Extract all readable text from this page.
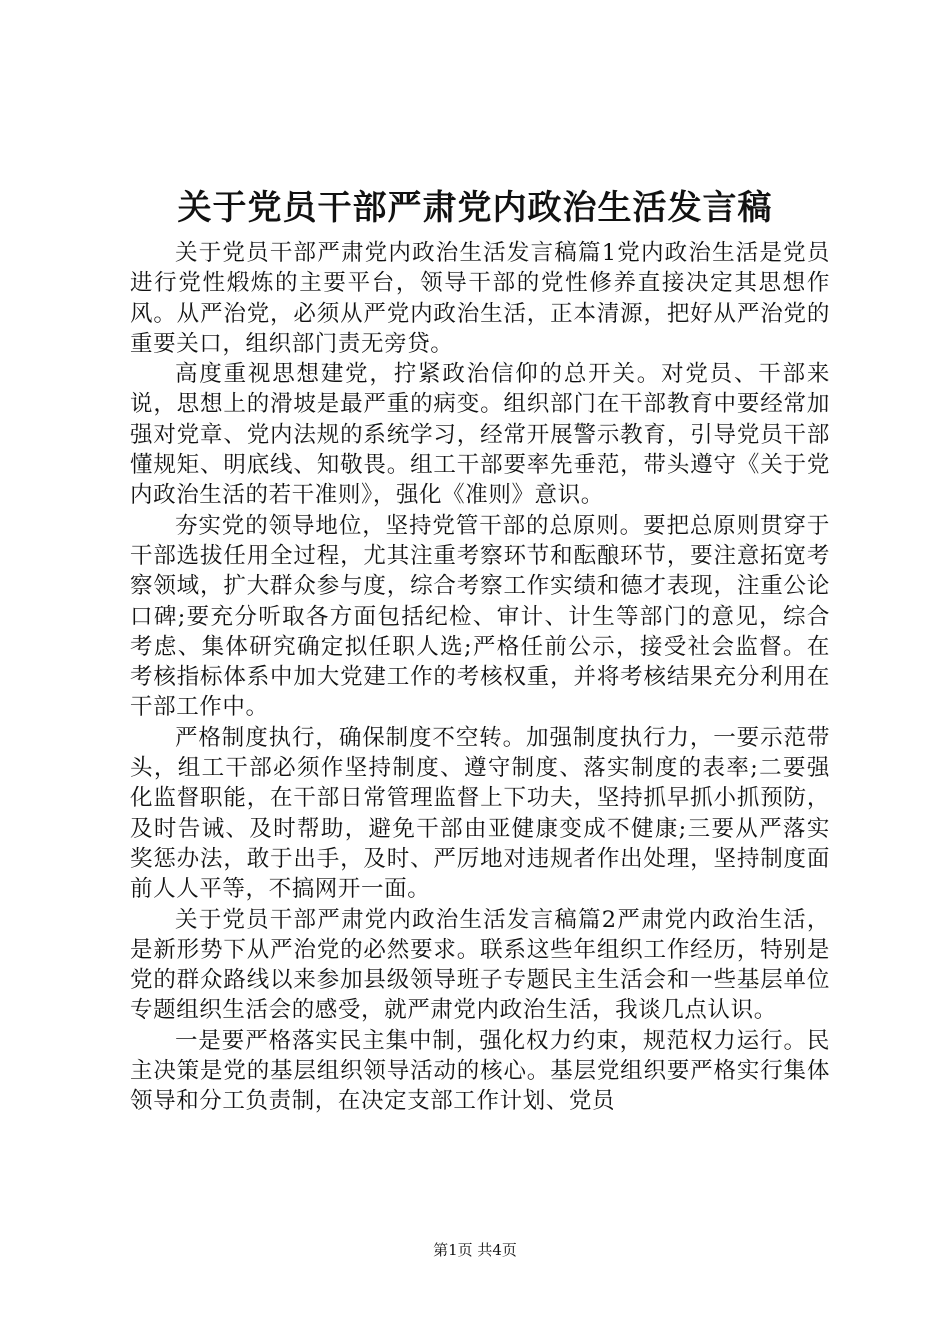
关于党员干部严肃党内政治生活发言稿

关于党员干部严肃党内政治生活发言稿篇1党内政治生活是党员进行党性煅炼的主要平台，领导干部的党性修养直接决定其思想作风。从严治党，必须从严党内政治生活，正本清源，把好从严治党的重要关口，组织部门责无旁贷。

高度重视思想建党，拧紧政治信仰的总开关。对党员、干部来说，思想上的滑坡是最严重的病变。组织部门在干部教育中要经常加强对党章、党内法规的系统学习，经常开展警示教育，引导党员干部懂规矩、明底线、知敬畏。组工干部要率先垂范，带头遵守《关于党内政治生活的若干准则》，强化《准则》意识。

夯实党的领导地位，坚持党管干部的总原则。要把总原则贯穿于干部选拔任用全过程，尤其注重考察环节和酝酿环节，要注意拓宽考察领域，扩大群众参与度，综合考察工作实绩和德才表现，注重公论口碑;要充分听取各方面包括纪检、审计、计生等部门的意见，综合考虑、集体研究确定拟任职人选;严格任前公示，接受社会监督。在考核指标体系中加大党建工作的考核权重，并将考核结果充分利用在干部工作中。

严格制度执行，确保制度不空转。加强制度执行力，一要示范带头，组工干部必须作坚持制度、遵守制度、落实制度的表率;二要强化监督职能，在干部日常管理监督上下功夫，坚持抓早抓小抓预防，及时告诫、及时帮助，避免干部由亚健康变成不健康;三要从严落实奖惩办法，敢于出手，及时、严厉地对违规者作出处理，坚持制度面前人人平等，不搞网开一面。

关于党员干部严肃党内政治生活发言稿篇2严肃党内政治生活，是新形势下从严治党的必然要求。联系这些年组织工作经历，特别是党的群众路线以来参加县级领导班子专题民主生活会和一些基层单位专题组织生活会的感受，就严肃党内政治生活，我谈几点认识。

一是要严格落实民主集中制，强化权力约束，规范权力运行。民主决策是党的基层组织领导活动的核心。基层党组织要严格实行集体领导和分工负责制，在决定支部工作计划、党员

第1页 共4页
